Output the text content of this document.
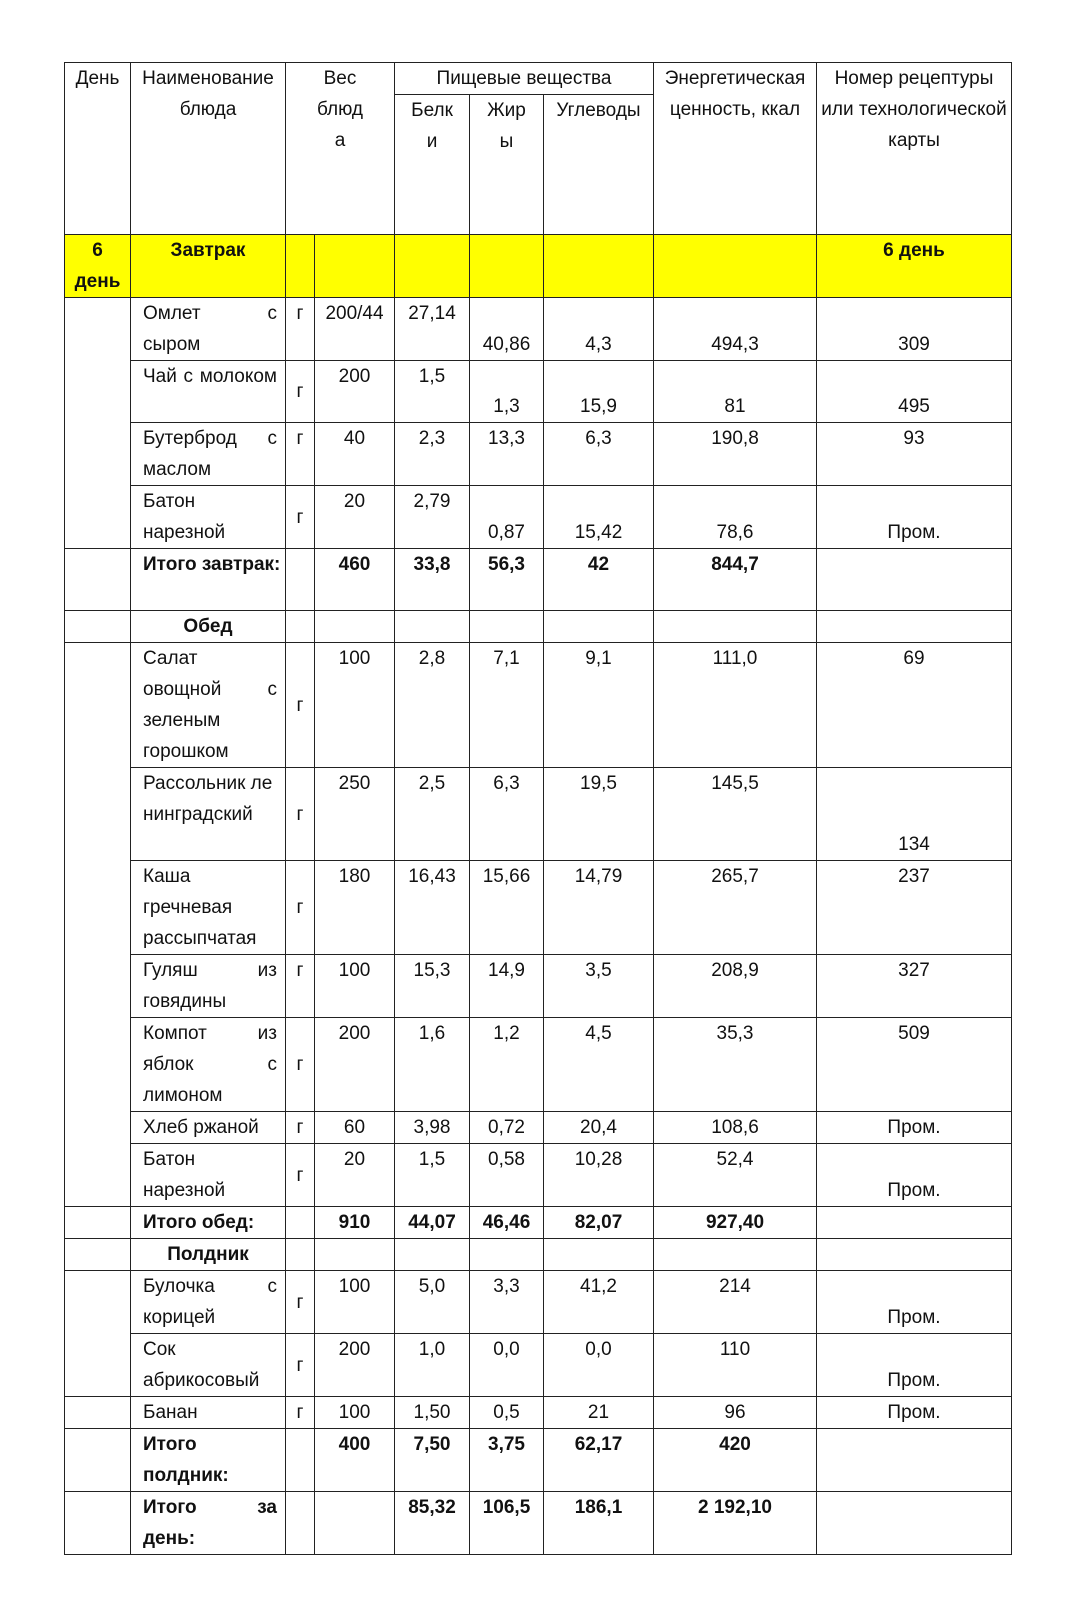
День	Наименование блюда	Вес блюда		Пищевые вещества			Энергетическая ценность, ккал	Номер рецептуры или технологической карты
				Белки	Жиры	Углеводы		
6 день	Завтрак							6 день
	Омлет с сыром	г	200/44	27,14	40,86	4,3	494,3	309
	Чай с молоком	г	200	1,5	1,3	15,9	81	495
	Бутерброд с маслом	г	40	2,3	13,3	6,3	190,8	93
	Батон нарезной	г	20	2,79	0,87	15,42	78,6	Пром.
	Итого завтрак:		460	33,8	56,3	42	844,7	
	Обед							
	Салат овощной с зеленым горошком	г	100	2,8	7,1	9,1	111,0	69
	Рассольник ленинградский	г	250	2,5	6,3	19,5	145,5	134
	Каша гречневая рассыпчатая	г	180	16,43	15,66	14,79	265,7	237
	Гуляш из говядины	г	100	15,3	14,9	3,5	208,9	327
	Компот из яблок с лимоном	г	200	1,6	1,2	4,5	35,3	509
	Хлеб ржаной	г	60	3,98	0,72	20,4	108,6	Пром.
	Батон нарезной	г	20	1,5	0,58	10,28	52,4	Пром.
	Итого обед:		910	44,07	46,46	82,07	927,40	
	Полдник							
	Булочка с корицей	г	100	5,0	3,3	41,2	214	Пром.
	Сок абрикосовый	г	200	1,0	0,0	0,0	110	Пром.
	Банан	г	100	1,50	0,5	21	96	Пром.
	Итого полдник:		400	7,50	3,75	62,17	420	
	Итого за день:			85,32	106,5	186,1	2 192,10	
